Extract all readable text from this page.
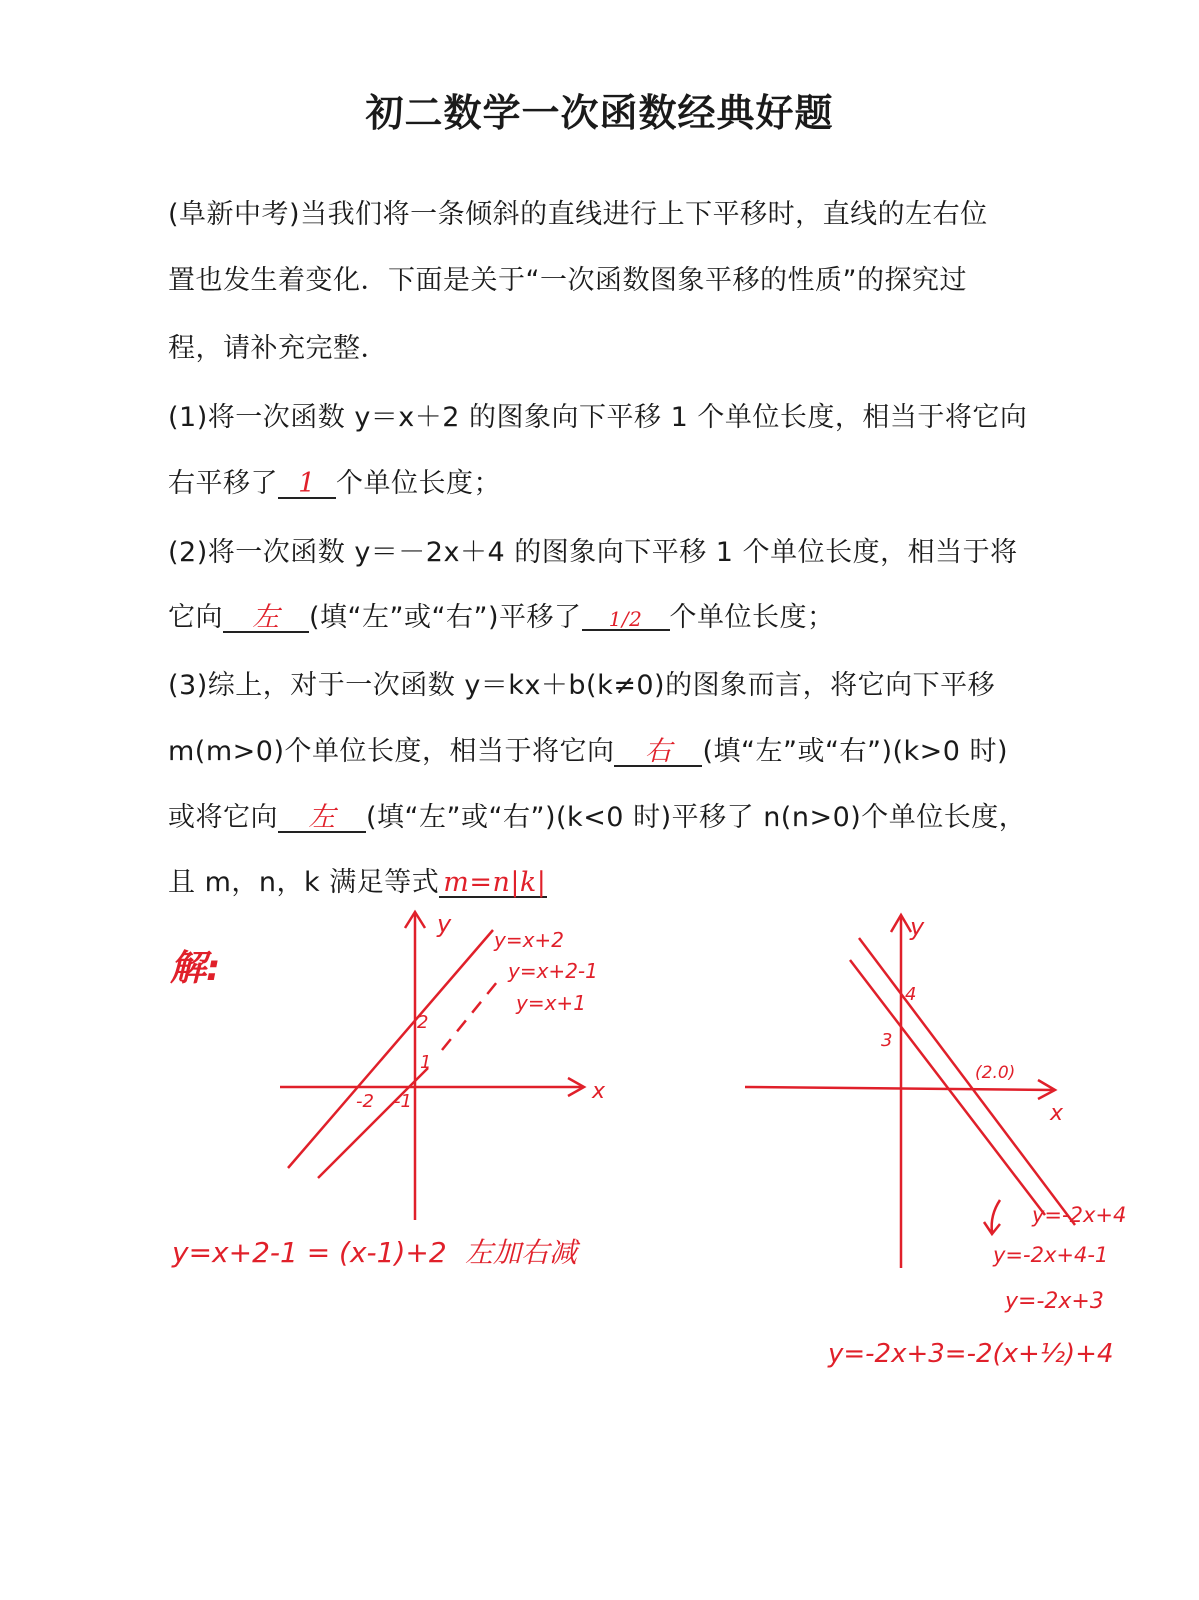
初二数学一次函数经典好题
(阜新中考)当我们将一条倾斜的直线进行上下平移时，直线的左右位
置也发生着变化．下面是关于“一次函数图象平移的性质”的探究过
程，请补充完整．
(1)将一次函数 y＝x＋2 的图象向下平移 1 个单位长度，相当于将它向
右平移了 1 个单位长度；
(2)将一次函数 y＝－2x＋4 的图象向下平移 1 个单位长度，相当于将
它向 左 (填“左”或“右”)平移了 1/2 个单位长度；
(3)综上，对于一次函数 y＝kx＋b(k≠0)的图象而言，将它向下平移
m(m>0)个单位长度，相当于将它向 右 (填“左”或“右”)(k>0 时)
或将它向 左 (填“左”或“右”)(k<0 时)平移了 n(n>0)个单位长度，
且 m，n，k 满足等式 m=n|k|
解:
y
x
y=x+2
y=x+2-1
y=x+1
2
1
-2 -1
y=x+2-1 = (x-1)+2 左加右减
y
x
4
3
(2.0)
y=-2x+4
y=-2x+4-1
y=-2x+3
y=-2x+3=-2(x+½)+4
